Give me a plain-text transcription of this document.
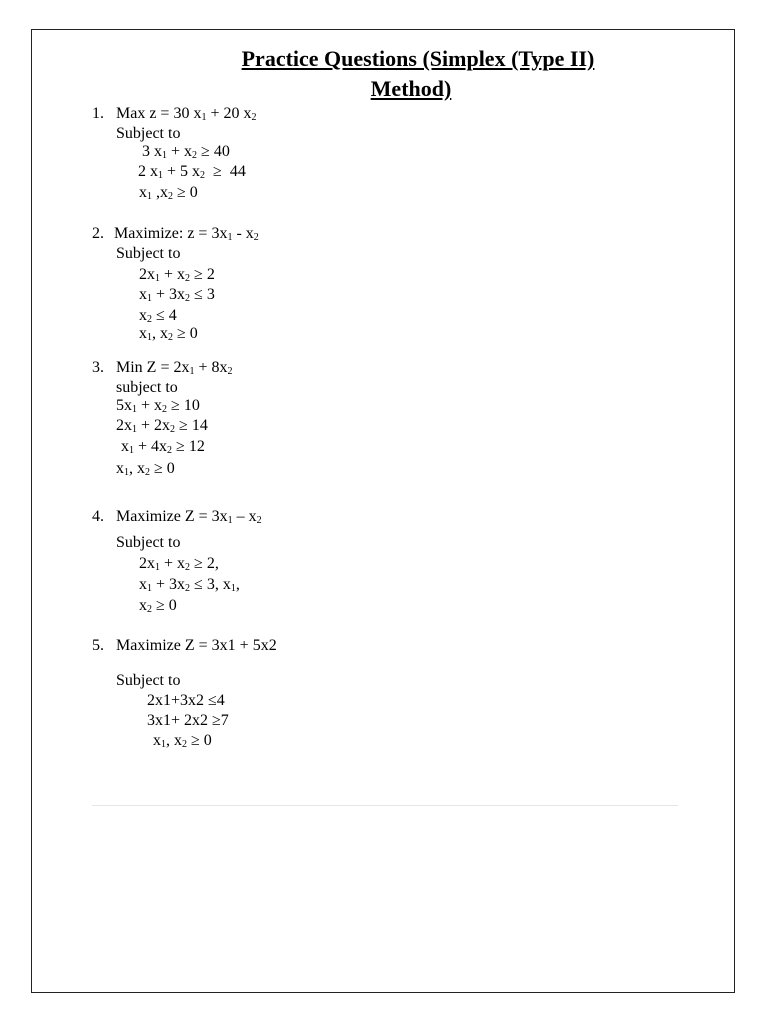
Practice Questions (Simplex (Type II)
Method)
1. Max z = 30 $x_1 + 20$ $x_2$
Subject to
3 $x_1 + x_2 \ge 40$
2 $x_1 + 5$ $x_2 \ge 44$
$x_1$ $,x_2 \ge 0$
2. Maximize: $z = 3x_1 - x_2$
Subject to
$2x_1 + x_2 \ge 2$
$x_1 + 3x_2 \le 3$
$x_2 \le 4$
$x_1$, $x_2 \ge 0$
3. Min $Z = 2x_1 + 8x_2$
subject to
$5x_1 + x_2 \ge 10$
$2x_1 + 2x_2 \ge 14$
$x_1 + 4x_2 \ge 12$
$x_1$, $x_2 \ge 0$
4. Maximize $Z = 3x_1 - x_2$
Subject to
$2x_1 + x_2 \ge 2$,
$x_1 + 3x_2 \le 3$, $x_1$,
$x_2 \ge 0$
5. Maximize Z = 3x1 + 5x2
Subject to
2x1+3x2 ≤4
3x1+ 2x2 ≥7
$x_1$, $x_2 \ge 0$
